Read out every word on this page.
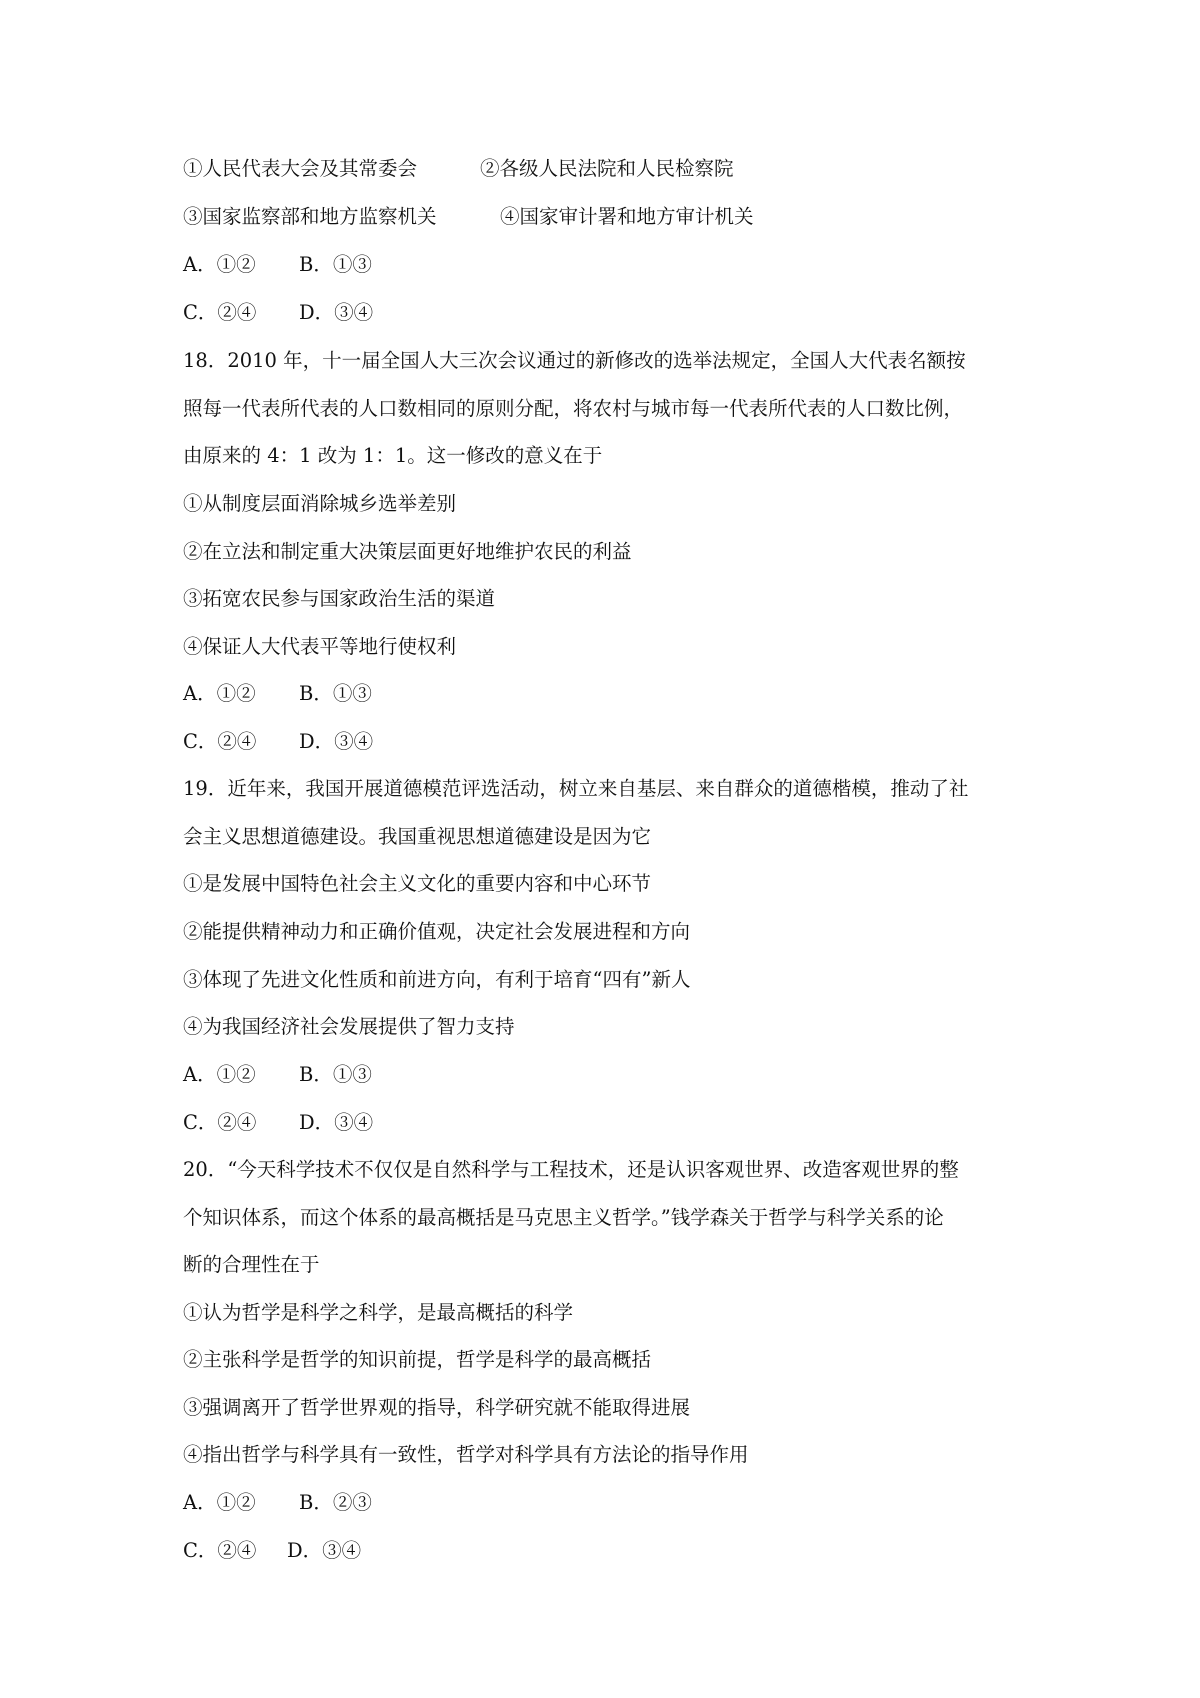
①人民代表大会及其常委会	②各级人民法院和人民检察院
③国家监察部和地方监察机关	④国家审计署和地方审计机关
A．①② B．①③
C．②④ D．③④
18．2010 年，十一届全国人大三次会议通过的新修改的选举法规定，全国人大代表名额按
照每一代表所代表的人口数相同的原则分配，将农村与城市每一代表所代表的人口数比例，
由原来的 4：1 改为 1：1。这一修改的意义在于
①从制度层面消除城乡选举差别
②在立法和制定重大决策层面更好地维护农民的利益
③拓宽农民参与国家政治生活的渠道
④保证人大代表平等地行使权利
A．①② B．①③
C．②④ D．③④
19．近年来，我国开展道德模范评选活动，树立来自基层、来自群众的道德楷模，推动了社
会主义思想道德建设。我国重视思想道德建设是因为它
①是发展中国特色社会主义文化的重要内容和中心环节
②能提供精神动力和正确价值观，决定社会发展进程和方向
③体现了先进文化性质和前进方向，有利于培育“四有”新人
④为我国经济社会发展提供了智力支持
A．①② B．①③
C．②④ D．③④
20．“今天科学技术不仅仅是自然科学与工程技术，还是认识客观世界、改造客观世界的整
个知识体系，而这个体系的最高概括是马克思主义哲学。”钱学森关于哲学与科学关系的论
断的合理性在于
①认为哲学是科学之科学，是最高概括的科学
②主张科学是哲学的知识前提，哲学是科学的最高概括
③强调离开了哲学世界观的指导，科学研究就不能取得进展
④指出哲学与科学具有一致性，哲学对科学具有方法论的指导作用
A．①② B．②③
C．②④ D．③④
